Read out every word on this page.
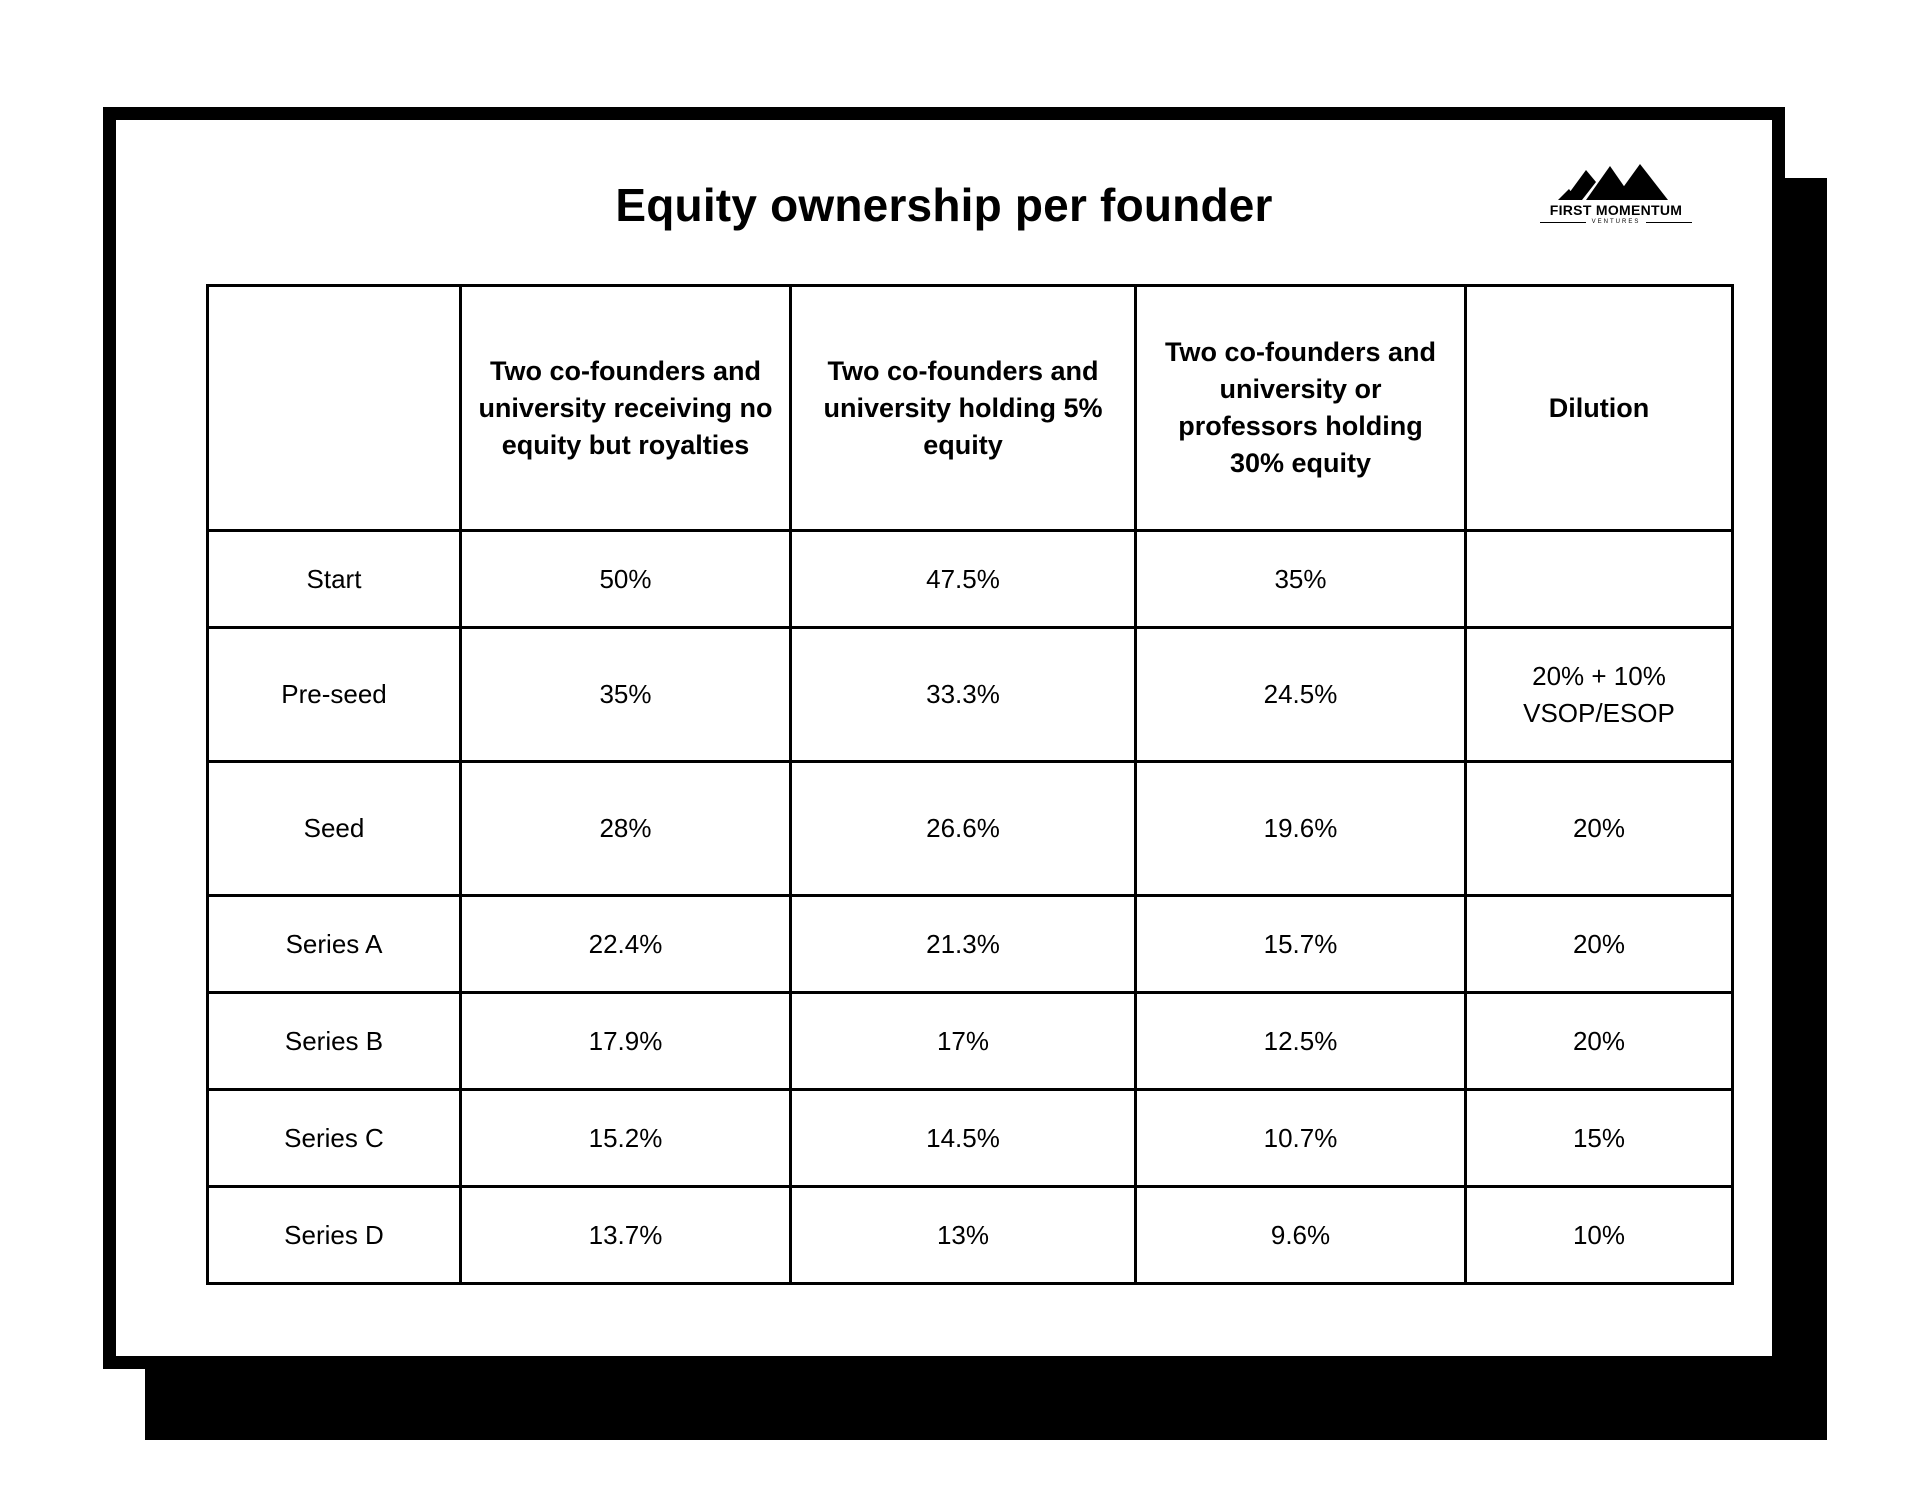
Equity ownership per founder	FIRST MOMENTUM
VENTURES
	Two co-founders and university receiving no equity but royalties	Two co-founders and university holding 5% equity	Two co-founders and university or professors holding 30% equity	Dilution
Start	50%	47.5%	35%	
Pre-seed	35%	33.3%	24.5%	20% + 10% VSOP/ESOP
Seed	28%	26.6%	19.6%	20%
Series A	22.4%	21.3%	15.7%	20%
Series B	17.9%	17%	12.5%	20%
Series C	15.2%	14.5%	10.7%	15%
Series D	13.7%	13%	9.6%	10%
